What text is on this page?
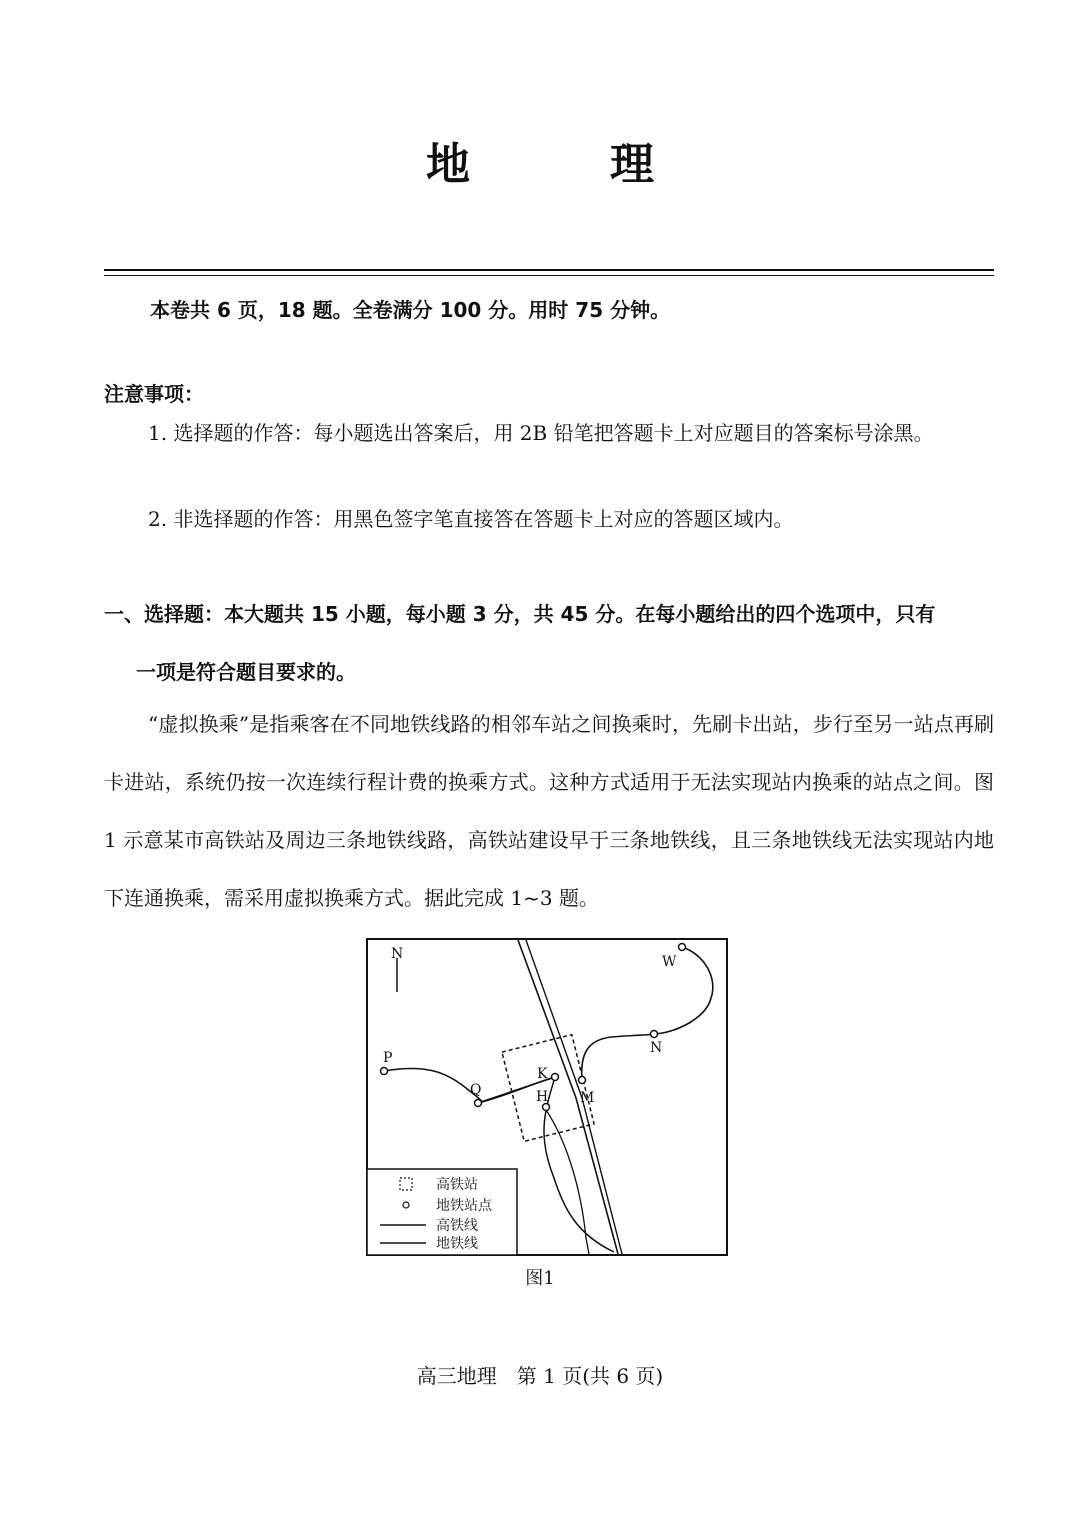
地　理
本卷共 6 页，18 题。全卷满分 100 分。用时 75 分钟。
注意事项：
1. 选择题的作答：每小题选出答案后，用 2B 铅笔把答题卡上对应题目的答案标号涂黑。
2. 非选择题的作答：用黑色签字笔直接答在答题卡上对应的答题区域内。
一、选择题：本大题共 15 小题，每小题 3 分，共 45 分。在每小题给出的四个选项中，只有
一项是符合题目要求的。
“虚拟换乘”是指乘客在不同地铁线路的相邻车站之间换乘时，先刷卡出站，步行至另一站点再刷卡进站，系统仍按一次连续行程计费的换乘方式。这种方式适用于无法实现站内换乘的站点之间。图 1 示意某市高铁站及周边三条地铁线路，高铁站建设早于三条地铁线，且三条地铁线无法实现站内地下连通换乘，需采用虚拟换乘方式。据此完成 1~3 题。
N
P
Q
K
H M
N
W
高铁站
地铁站点
高铁线
地铁线
图1
高三地理　第 1 页(共 6 页)
